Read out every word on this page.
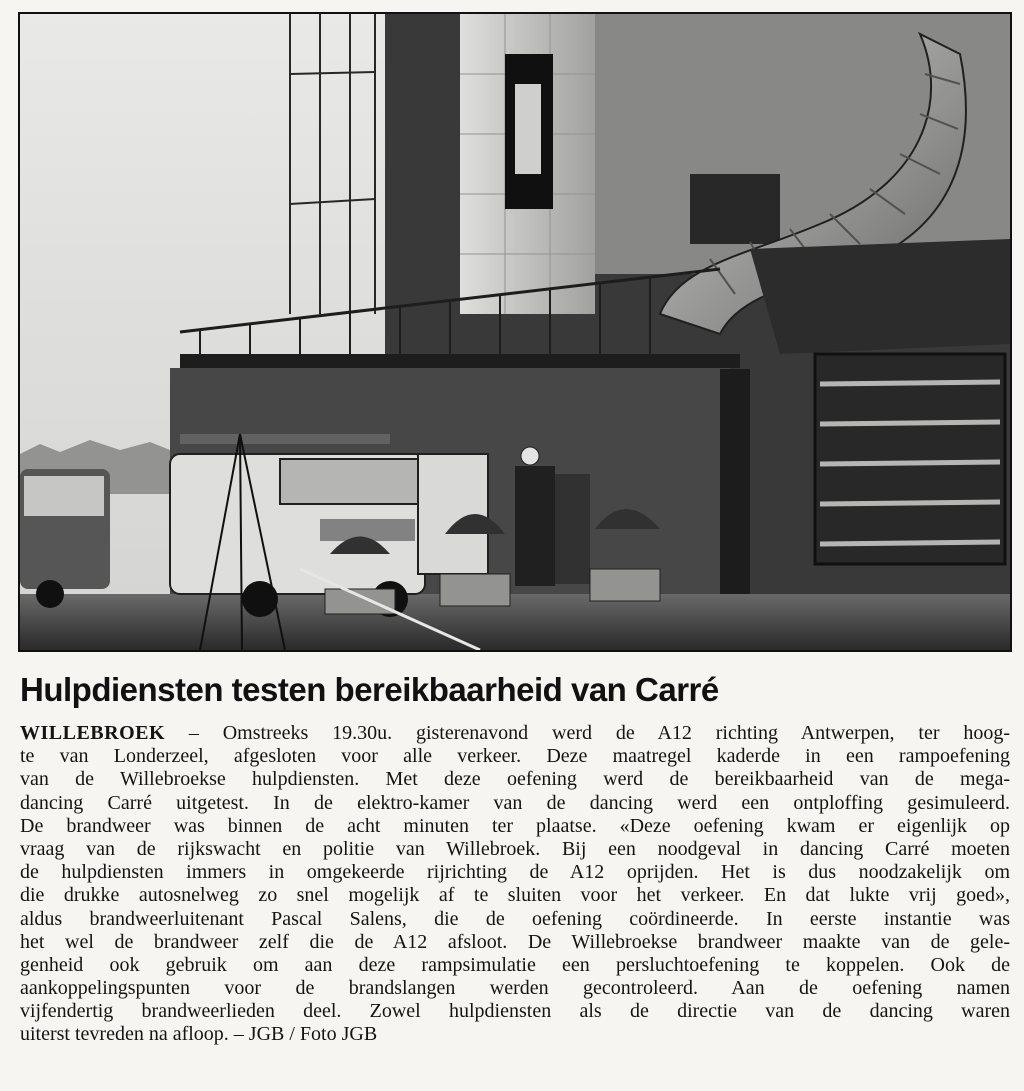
Hulpdiensten testen bereikbaarheid van Carré
WILLEBROEK – Omstreeks 19.30u. gisterenavond werd de A12 richting Antwerpen, ter hoog-
te van Londerzeel, afgesloten voor alle verkeer. Deze maatregel kaderde in een rampoefening
van de Willebroekse hulpdiensten. Met deze oefening werd de bereikbaarheid van de mega-
dancing Carré uitgetest. In de elektro-kamer van de dancing werd een ontploffing gesimuleerd.
De brandweer was binnen de acht minuten ter plaatse. «Deze oefening kwam er eigenlijk op
vraag van de rijkswacht en politie van Willebroek. Bij een noodgeval in dancing Carré moeten
de hulpdiensten immers in omgekeerde rijrichting de A12 oprijden. Het is dus noodzakelijk om
die drukke autosnelweg zo snel mogelijk af te sluiten voor het verkeer. En dat lukte vrij goed»,
aldus brandweerluitenant Pascal Salens, die de oefening coördineerde. In eerste instantie was
het wel de brandweer zelf die de A12 afsloot. De Willebroekse brandweer maakte van de gele-
genheid ook gebruik om aan deze rampsimulatie een persluchtoefening te koppelen. Ook de
aankoppelingspunten voor de brandslangen werden gecontroleerd. Aan de oefening namen
vijfendertig brandweerlieden deel. Zowel hulpdiensten als de directie van de dancing waren
uiterst tevreden na afloop. – JGB / Foto JGB
